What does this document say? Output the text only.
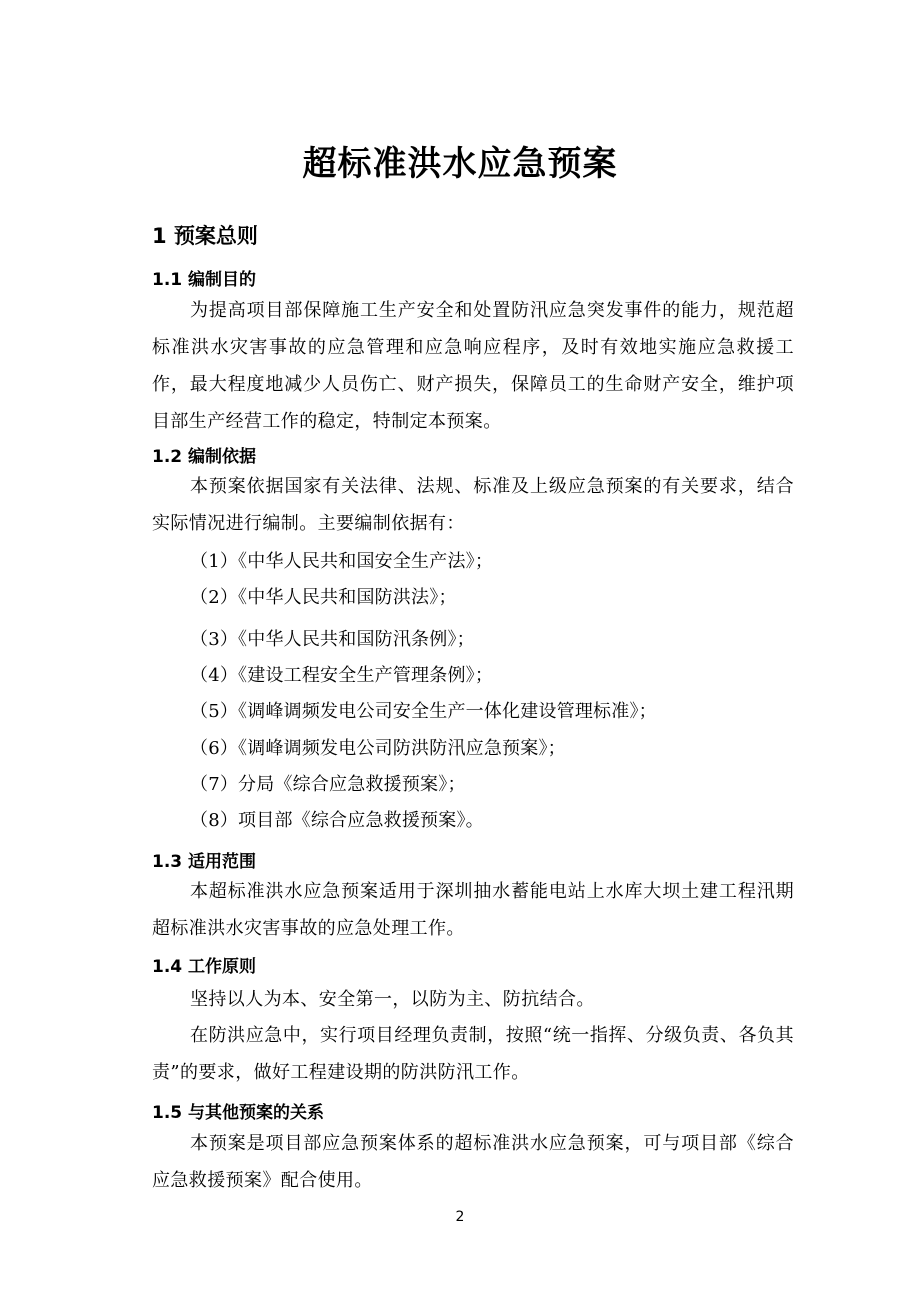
超标准洪水应急预案
1 预案总则
1.1 编制目的
为提高项目部保障施工生产安全和处置防汛应急突发事件的能力，规范超标准洪水灾害事故的应急管理和应急响应程序，及时有效地实施应急救援工作，最大程度地减少人员伤亡、财产损失，保障员工的生命财产安全，维护项目部生产经营工作的稳定，特制定本预案。
1.2 编制依据
本预案依据国家有关法律、法规、标准及上级应急预案的有关要求，结合实际情况进行编制。主要编制依据有：
（1）《中华人民共和国安全生产法》；
（2）《中华人民共和国防洪法》；
（3）《中华人民共和国防汛条例》；
（4）《建设工程安全生产管理条例》；
（5）《调峰调频发电公司安全生产一体化建设管理标准》；
（6）《调峰调频发电公司防洪防汛应急预案》；
（7）分局《综合应急救援预案》；
（8）项目部《综合应急救援预案》。
1.3 适用范围
本超标准洪水应急预案适用于深圳抽水蓄能电站上水库大坝土建工程汛期超标准洪水灾害事故的应急处理工作。
1.4 工作原则
坚持以人为本、安全第一，以防为主、防抗结合。
在防洪应急中，实行项目经理负责制，按照“统一指挥、分级负责、各负其责”的要求，做好工程建设期的防洪防汛工作。
1.5 与其他预案的关系
本预案是项目部应急预案体系的超标准洪水应急预案，可与项目部《综合应急救援预案》配合使用。
2
